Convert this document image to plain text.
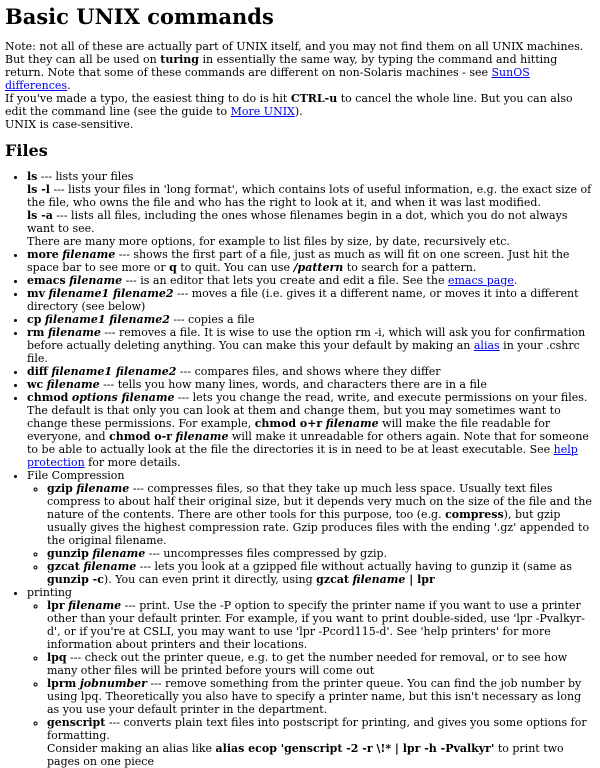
Basic UNIX commands

Note: not all of these are actually part of UNIX itself, and you may not find them on all UNIX machines. But they can all be used on turing in essentially the same way, by typing the command and hitting return. Note that some of these commands are different on non-Solaris machines - see SunOS differences.
If you've made a typo, the easiest thing to do is hit CTRL-u to cancel the whole line. But you can also edit the command line (see the guide to More UNIX).
UNIX is case-sensitive.

Files
• ls --- lists your files
ls -l --- lists your files in 'long format', which contains lots of useful information, e.g. the exact size of the file, who owns the file and who has the right to look at it, and when it was last modified.
ls -a --- lists all files, including the ones whose filenames begin in a dot, which you do not always want to see.
There are many more options, for example to list files by size, by date, recursively etc.
• more filename --- shows the first part of a file, just as much as will fit on one screen. Just hit the space bar to see more or q to quit. You can use /pattern to search for a pattern.
• emacs filename --- is an editor that lets you create and edit a file. See the emacs page.
• mv filename1 filename2 --- moves a file (i.e. gives it a different name, or moves it into a different directory (see below)
• cp filename1 filename2 --- copies a file
• rm filename --- removes a file. It is wise to use the option rm -i, which will ask you for confirmation before actually deleting anything. You can make this your default by making an alias in your .cshrc file.
• diff filename1 filename2 --- compares files, and shows where they differ
• wc filename --- tells you how many lines, words, and characters there are in a file
• chmod options filename --- lets you change the read, write, and execute permissions on your files. The default is that only you can look at them and change them, but you may sometimes want to change these permissions. For example, chmod o+r filename will make the file readable for everyone, and chmod o-r filename will make it unreadable for others again. Note that for someone to be able to actually look at the file the directories it is in need to be at least executable. See help protection for more details.
• File Compression
◦ gzip filename --- compresses files, so that they take up much less space. Usually text files compress to about half their original size, but it depends very much on the size of the file and the nature of the contents. There are other tools for this purpose, too (e.g. compress), but gzip usually gives the highest compression rate. Gzip produces files with the ending '.gz' appended to the original filename.
◦ gunzip filename --- uncompresses files compressed by gzip.
◦ gzcat filename --- lets you look at a gzipped file without actually having to gunzip it (same as gunzip -c). You can even print it directly, using gzcat filename | lpr
• printing
◦ lpr filename --- print. Use the -P option to specify the printer name if you want to use a printer other than your default printer. For example, if you want to print double-sided, use 'lpr -Pvalkyr-d', or if you're at CSLI, you may want to use 'lpr -Pcord115-d'. See 'help printers' for more information about printers and their locations.
◦ lpq --- check out the printer queue, e.g. to get the number needed for removal, or to see how many other files will be printed before yours will come out
◦ lprm jobnumber --- remove something from the printer queue. You can find the job number by using lpq. Theoretically you also have to specify a printer name, but this isn't necessary as long as you use your default printer in the department.
◦ genscript --- converts plain text files into postscript for printing, and gives you some options for formatting.
Consider making an alias like alias ecop 'genscript -2 -r \!* | lpr -h -Pvalkyr' to print two pages on one piece
